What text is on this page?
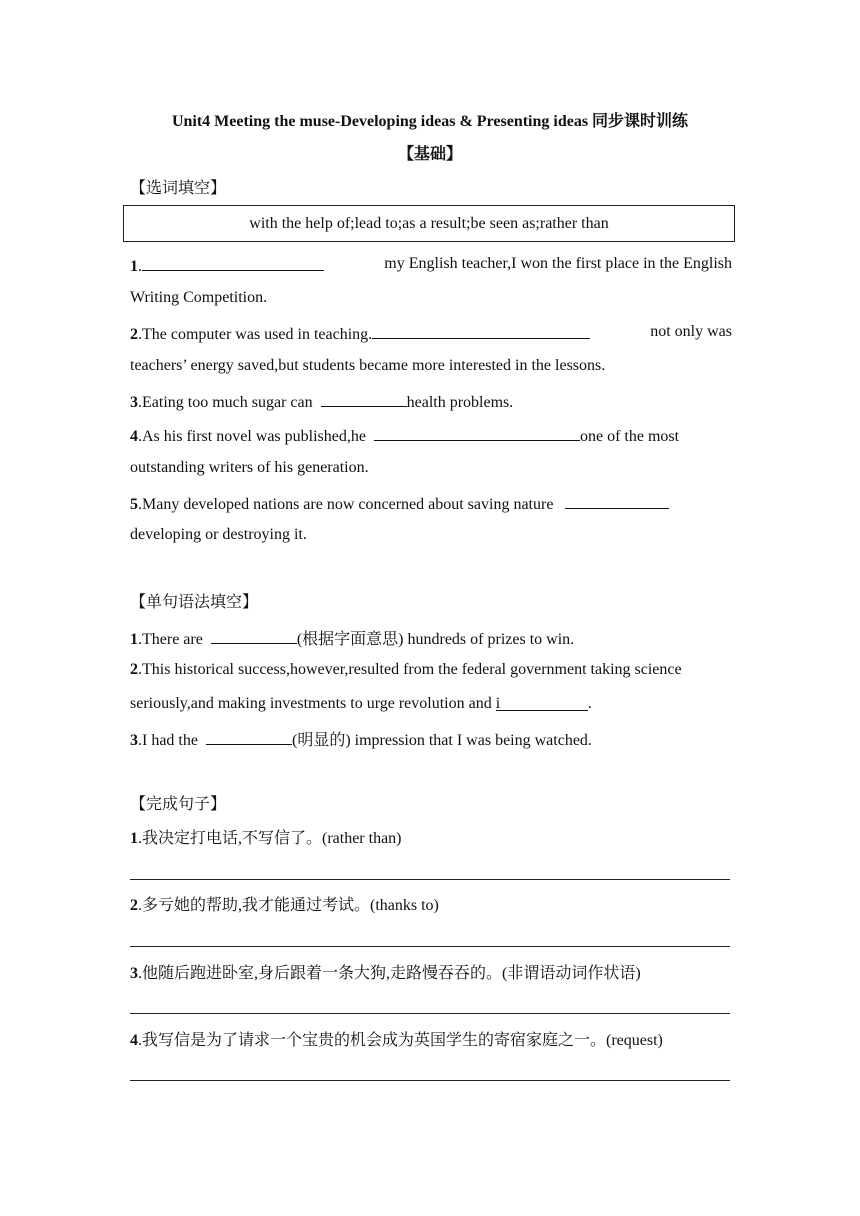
Unit4 Meeting the muse-Developing ideas & Presenting ideas 同步课时训练
【基础】
【选词填空】
with the help of;lead to;as a result;be seen as;rather than
1.	my English teacher,I won the first place in the English
Writing Competition.
2.The computer was used in teaching.	not only was
teachers’ energy saved,but students became more interested in the lessons.
3.Eating too much sugar can	health problems.
4.As his first novel was published,he	one of the most
outstanding writers of his generation.
5.Many developed nations are now concerned about saving nature
developing or destroying it.
【单句语法填空】
1.There are	(根据字面意思) hundreds of prizes to win.
2.This historical success,however,resulted from the federal government taking science
seriously,and making investments to urge revolution and i	.
3.I had the	(明显的) impression that I was being watched.
【完成句子】
1.我决定打电话,不写信了。(rather than)
2.多亏她的帮助,我才能通过考试。(thanks to)
3.他随后跑进卧室,身后跟着一条大狗,走路慢吞吞的。(非谓语动词作状语)
4.我写信是为了请求一个宝贵的机会成为英国学生的寄宿家庭之一。(request)
